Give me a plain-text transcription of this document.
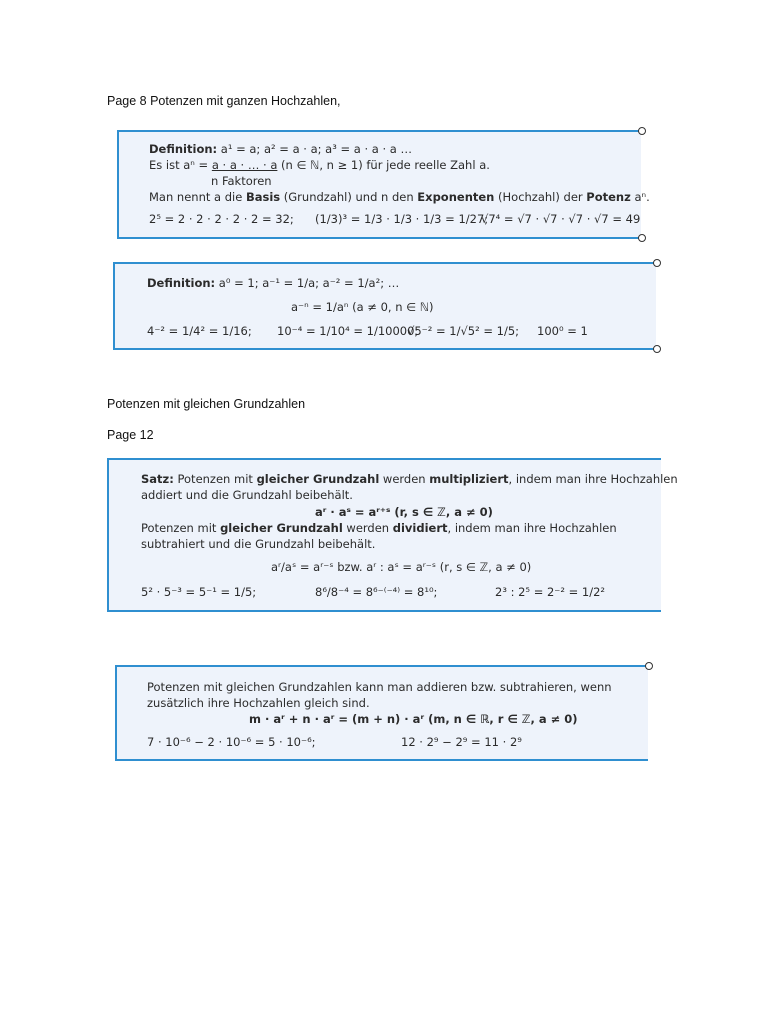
Page 8 Potenzen mit ganzen Hochzahlen,
Definition: a¹ = a; a² = a · a; a³ = a · a · a …
Es ist aⁿ = a · a · … · a (n ∈ ℕ, n ≥ 1) für jede reelle Zahl a.
n Faktoren
Man nennt a die Basis (Grundzahl) und n den Exponenten (Hochzahl) der Potenz aⁿ.
2⁵ = 2 · 2 · 2 · 2 · 2 = 32; (1/3)³ = 1/3 · 1/3 · 1/3 = 1/27;
√7⁴ = √7 · √7 · √7 · √7 = 49
Definition: a⁰ = 1; a⁻¹ = 1/a; a⁻² = 1/a²; …
a⁻ⁿ = 1/aⁿ (a ≠ 0, n ∈ ℕ)
4⁻² = 1/4² = 1/16; 10⁻⁴ = 1/10⁴ = 1/10000;
√5⁻² = 1/√5² = 1/5; 100⁰ = 1
Potenzen mit gleichen Grundzahlen
Page 12
Satz: Potenzen mit gleicher Grundzahl werden multipliziert, indem man ihre Hochzahlen
addiert und die Grundzahl beibehält.
aʳ · aˢ = aʳ⁺ˢ (r, s ∈ ℤ, a ≠ 0)
Potenzen mit gleicher Grundzahl werden dividiert, indem man ihre Hochzahlen
subtrahiert und die Grundzahl beibehält.
aʳ/aˢ = aʳ⁻ˢ bzw. aʳ : aˢ = aʳ⁻ˢ (r, s ∈ ℤ, a ≠ 0)
5² · 5⁻³ = 5⁻¹ = 1/5;	8⁶/8⁻⁴ = 8⁶⁻⁽⁻⁴⁾ = 8¹⁰;	2³ : 2⁵ = 2⁻² = 1/2²
Potenzen mit gleichen Grundzahlen kann man addieren bzw. subtrahieren, wenn
zusätzlich ihre Hochzahlen gleich sind.
m · aʳ + n · aʳ = (m + n) · aʳ (m, n ∈ ℝ, r ∈ ℤ, a ≠ 0)
7 · 10⁻⁶ − 2 · 10⁻⁶ = 5 · 10⁻⁶;	12 · 2⁹ − 2⁹ = 11 · 2⁹
